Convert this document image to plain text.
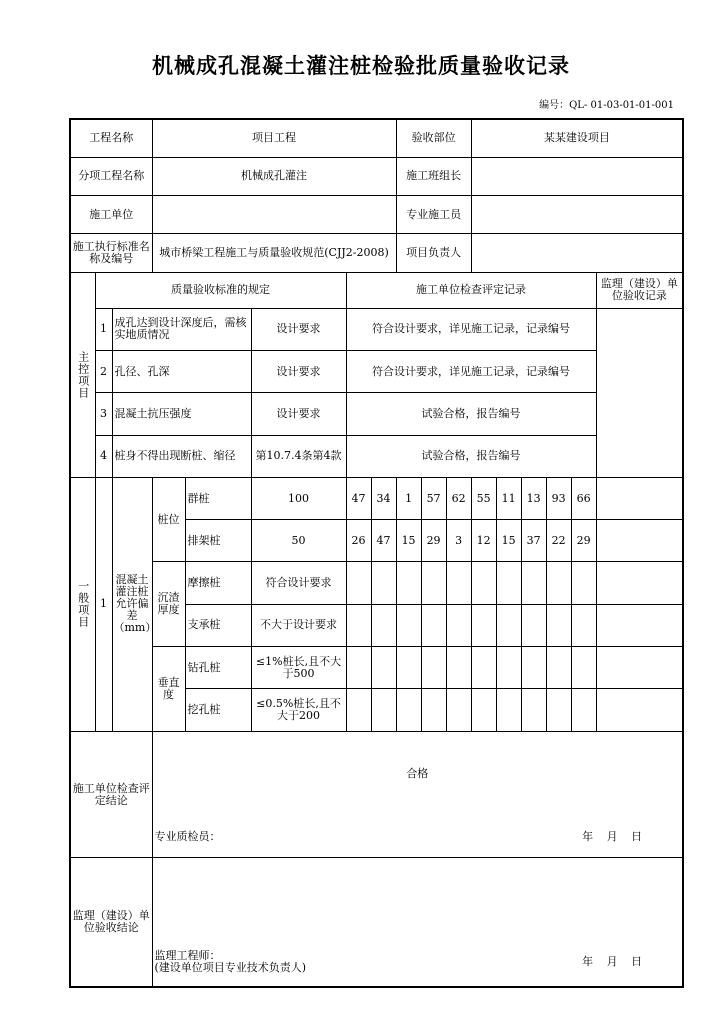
机械成孔混凝土灌注桩检验批质量验收记录
编号：QL- 01-03-01-01-001
工程名称			项目工程					验收部位			某某建设项目					
分项工程名称			机械成孔灌注					施工班组长								
施工单位								专业施工员								
施工执行标准名称及编号			城市桥梁工程施工与质量验收规范(CJJ2-2008)					项目负责人								

主控项目	质量验收标准的规定					施工单位检查评定记录										监理（建设）单位验收记录
	1	成孔达到设计深度后，需核实地质情况			设计要求	符合设计要求，详见施工记录，记录编号										
	2	孔径、孔深			设计要求	符合设计要求，详见施工记录，记录编号										
	3	混凝土抗压强度			设计要求	试验合格，报告编号										
	4	桩身不得出现断桩、缩径			第10.7.4条第4款	试验合格，报告编号										

一般项目	1	混凝土灌注桩允许偏差（mm）	桩位	群桩	100	47	34	1	57	62	55	11	13	93	66	
				排架桩	50	26	47	15	29	3	12	15	37	22	29	
			沉渣厚度	摩擦桩	符合设计要求											
				支承桩	不大于设计要求											
			垂直度	钻孔桩	≤1%桩长,且不大于500											
				挖孔桩	≤0.5%桩长,且不大于200											
施工单位检查评定结论			合格
专业质检员： 年 月 日													

监理（建设）单位验收结论			监理工程师：
(建设单位项目专业技术负责人) 年 月 日													
